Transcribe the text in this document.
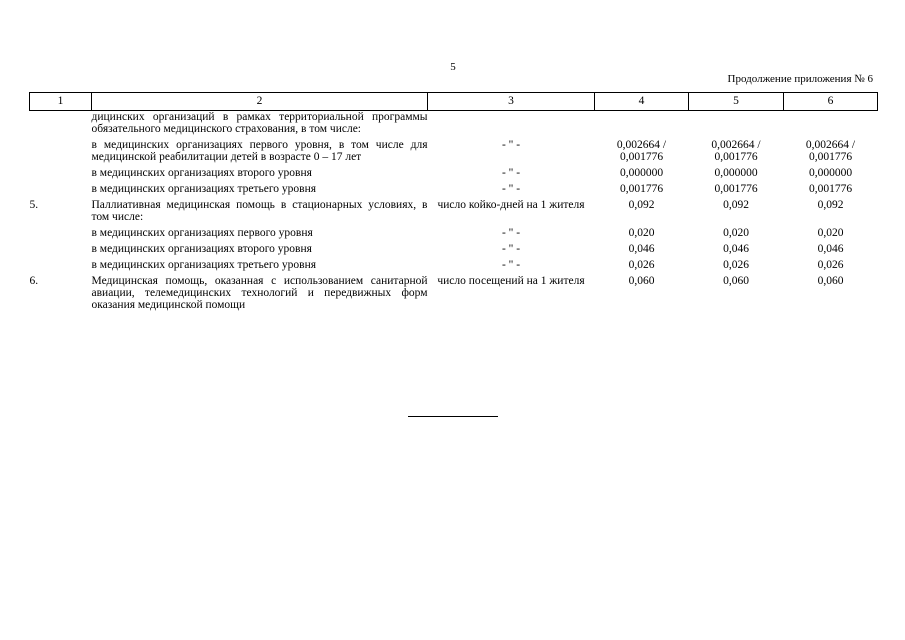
5
Продолжение приложения № 6
1	2	3	4	5	6
	дицинских организаций в рамках территориальной программы обязательного медицинского страхования, в том числе:				
	в медицинских организациях первого уровня, в том числе для медицинской реабилитации детей в возрасте 0 – 17 лет	- " -	0,002664 / 0,001776	0,002664 / 0,001776	0,002664 / 0,001776
	в медицинских организациях второго уровня	- " -	0,000000	0,000000	0,000000
	в медицинских организациях третьего уровня	- " -	0,001776	0,001776	0,001776
5.	Паллиативная медицинская помощь в стационарных условиях, в том числе:	число койко-дней на 1 жителя	0,092	0,092	0,092
	в медицинских организациях первого уровня	- " -	0,020	0,020	0,020
	в медицинских организациях второго уровня	- " -	0,046	0,046	0,046
	в медицинских организациях третьего уровня	- " -	0,026	0,026	0,026
6.	Медицинская помощь, оказанная с использованием санитарной авиации, телемедицинских технологий и передвижных форм оказания медицинской помощи	число посещений на 1 жителя	0,060	0,060	0,060
